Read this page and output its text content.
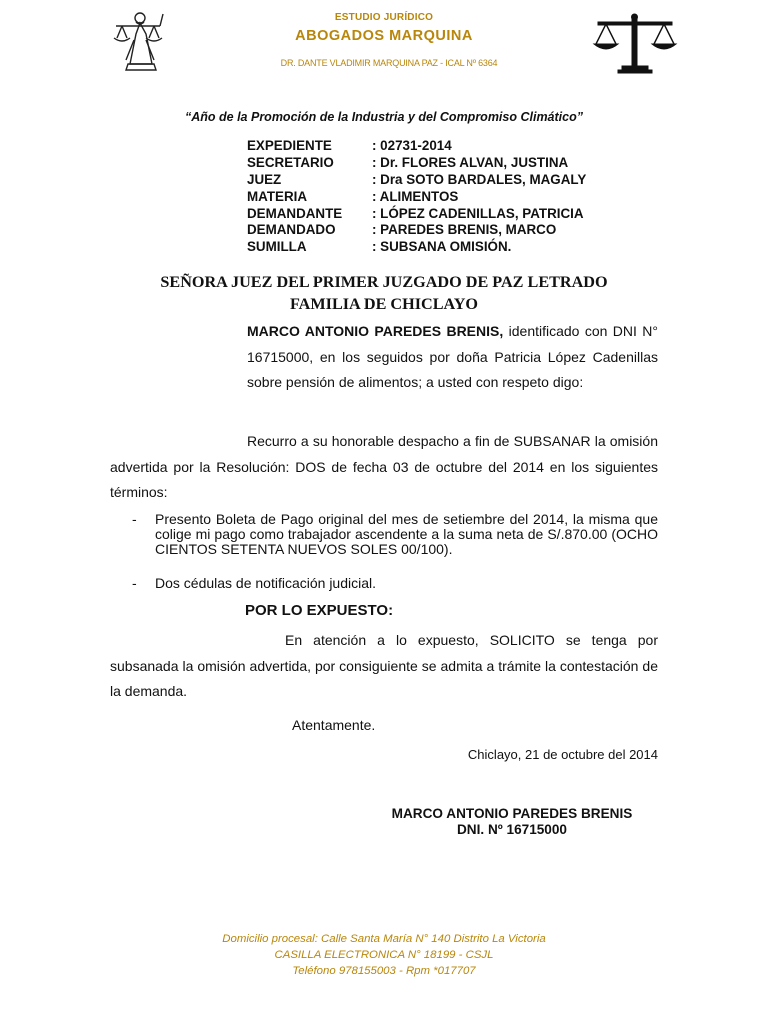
ESTUDIO JURÍDICO
ABOGADOS MARQUINA
DR. DANTE VLADIMIR MARQUINA PAZ - ICAL Nº 6364
“Año de la Promoción de la Industria y del Compromiso Climático”
EXPEDIENTE	: 02731-2014
SECRETARIO	: Dr. FLORES ALVAN, JUSTINA
JUEZ	: Dra SOTO BARDALES, MAGALY
MATERIA	: ALIMENTOS
DEMANDANTE : LÓPEZ CADENILLAS, PATRICIA
DEMANDADO	: PAREDES BRENIS, MARCO
SUMILLA	: SUBSANA OMISIÓN.
SEÑORA JUEZ DEL PRIMER JUZGADO DE PAZ LETRADO
FAMILIA DE CHICLAYO
MARCO ANTONIO PAREDES BRENIS, identificado con DNI N° 16715000, en los seguidos por doña Patricia López Cadenillas sobre pensión de alimentos; a usted con respeto digo:
Recurro a su honorable despacho a fin de SUBSANAR la omisión advertida por la Resolución: DOS de fecha 03 de octubre del 2014 en los siguientes términos:
- Presento Boleta de Pago original del mes de setiembre del 2014, la misma que colige mi pago como trabajador ascendente a la suma neta de S/.870.00 (OCHO CIENTOS SETENTA NUEVOS SOLES 00/100).
- Dos cédulas de notificación judicial.
POR LO EXPUESTO:
En atención a lo expuesto, SOLICITO se tenga por subsanada la omisión advertida, por consiguiente se admita a trámite la contestación de la demanda.
Atentamente.
Chiclayo, 21 de octubre del 2014
MARCO ANTONIO PAREDES BRENIS
DNI. Nº 16715000
Domicilio procesal: Calle Santa María N° 140 Distrito La Victoria
CASILLA ELECTRONICA N° 18199 - CSJL
Teléfono 978155003 - Rpm *017707
